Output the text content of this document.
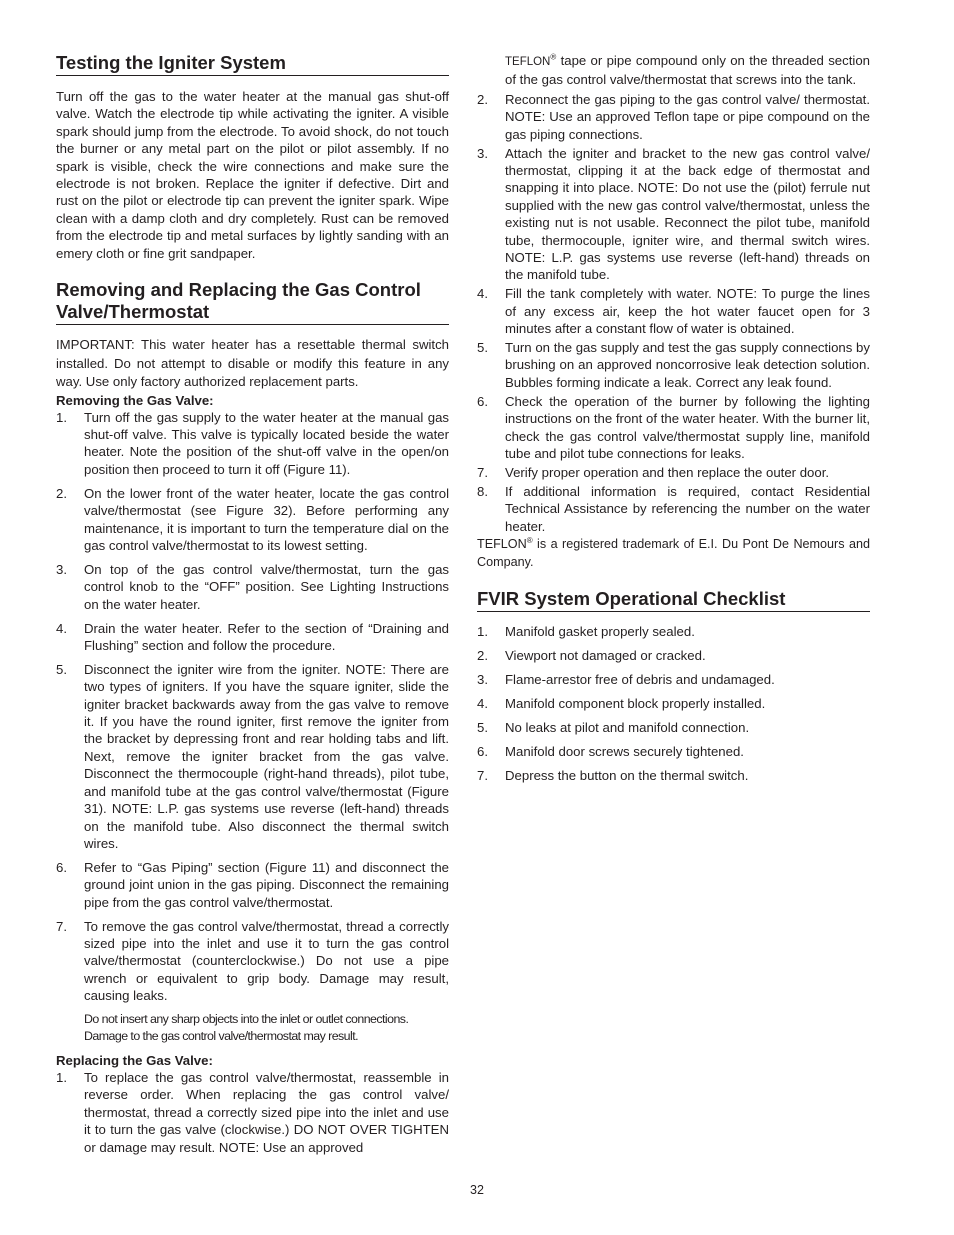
Testing the Igniter System

Turn off the gas to the water heater at the manual gas shut-off valve. Watch the electrode tip while activating the igniter. A visible spark should jump from the electrode. To avoid shock, do not touch the burner or any metal part on the pilot or pilot assembly. If no spark is visible, check the wire connections and make sure the electrode is not broken. Replace the igniter if defective. Dirt and rust on the pilot or electrode tip can prevent the igniter spark. Wipe clean with a damp cloth and dry completely. Rust can be removed from the electrode tip and metal surfaces by lightly sanding with an emery cloth or fine grit sandpaper.

Removing and Replacing the Gas Control Valve/Thermostat

IMPORTANT: This water heater has a resettable thermal switch installed. Do not attempt to disable or modify this feature in any way. Use only factory authorized replacement parts.

Removing the Gas Valve:
1.	Turn off the gas supply to the water heater at the manual gas shut-off valve. This valve is typically located beside the water heater. Note the position of the shut-off valve in the open/on position then proceed to turn it off (Figure 11).
2.	On the lower front of the water heater, locate the gas control valve/thermostat (see Figure 32). Before performing any maintenance, it is important to turn the temperature dial on the gas control valve/thermostat to its lowest setting.
3.	On top of the gas control valve/thermostat, turn the gas control knob to the “OFF” position. See Lighting Instructions on the water heater.
4.	Drain the water heater. Refer to the section of “Draining and Flushing” section and follow the procedure.
5.	Disconnect the igniter wire from the igniter. NOTE: There are two types of igniters. If you have the square igniter, slide the igniter bracket backwards away from the gas valve to remove it. If you have the round igniter, first remove the igniter from the bracket by depressing front and rear holding tabs and lift. Next, remove the igniter bracket from the gas valve. Disconnect the thermocouple (right-hand threads), pilot tube, and manifold tube at the gas control valve/thermostat (Figure 31). NOTE: L.P. gas systems use reverse (left-hand) threads on the manifold tube. Also disconnect the thermal switch wires.
6.	Refer to “Gas Piping” section (Figure 11) and disconnect the ground joint union in the gas piping. Disconnect the remaining pipe from the gas control valve/thermostat.
7.	To remove the gas control valve/thermostat, thread a correctly sized pipe into the inlet and use it to turn the gas control valve/thermostat (counterclockwise.) Do not use a pipe wrench or equivalent to grip body. Damage may result, causing leaks.
Do not insert any sharp objects into the inlet or outlet connections. Damage to the gas control valve/thermostat may result.
Replacing the Gas Valve:
1.	To replace the gas control valve/thermostat, reassemble in reverse order. When replacing the gas control valve/ thermostat, thread a correctly sized pipe into the inlet and use it to turn the gas valve (clockwise.) DO NOT OVER TIGHTEN or damage may result. NOTE: Use an approved

TEFLON® tape or pipe compound only on the threaded section of the gas control valve/thermostat that screws into the tank.

2.	Reconnect the gas piping to the gas control valve/ thermostat. NOTE: Use an approved Teflon tape or pipe compound on the gas piping connections.
3.	Attach the igniter and bracket to the new gas control valve/ thermostat, clipping it at the back edge of thermostat and snapping it into place. NOTE: Do not use the (pilot) ferrule nut supplied with the new gas control valve/thermostat, unless the existing nut is not usable. Reconnect the pilot tube, manifold tube, thermocouple, igniter wire, and thermal switch wires. NOTE: L.P. gas systems use reverse (left-hand) threads on the manifold tube.
4.	Fill the tank completely with water. NOTE: To purge the lines of any excess air, keep the hot water faucet open for 3 minutes after a constant flow of water is obtained.
5.	Turn on the gas supply and test the gas supply connections by brushing on an approved noncorrosive leak detection solution. Bubbles forming indicate a leak. Correct any leak found.
6.	Check the operation of the burner by following the lighting instructions on the front of the water heater. With the burner lit, check the gas control valve/thermostat supply line, manifold tube and pilot tube connections for leaks.
7.	Verify proper operation and then replace the outer door.
8.	If additional information is required, contact Residential Technical Assistance by referencing the number on the water heater.

TEFLON® is a registered trademark of E.I. Du Pont De Nemours and Company.

FVIR System Operational Checklist
1.	Manifold gasket properly sealed.
2.	Viewport not damaged or cracked.
3.	Flame-arrestor free of debris and undamaged.
4.	Manifold component block properly installed.
5.	No leaks at pilot and manifold connection.
6.	Manifold door screws securely tightened.
7.	Depress the button on the thermal switch.
32
